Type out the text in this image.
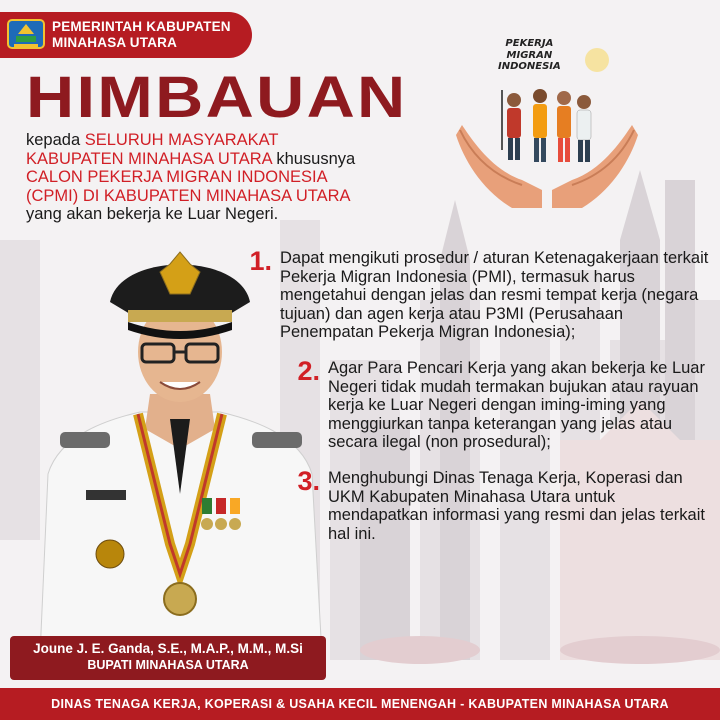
PEMERINTAH KABUPATEN
MINAHASA UTARA
HIMBAUAN
kepada SELURUH MASYARAKAT KABUPATEN MINAHASA UTARA khususnya CALON PEKERJA MIGRAN INDONESIA (CPMI) DI KABUPATEN MINAHASA UTARA yang akan bekerja ke Luar Negeri.
PEKERJA
MIGRAN
INDONESIA
1. Dapat mengikuti prosedur / aturan Ketenagakerjaan terkait Pekerja Migran Indonesia (PMI), termasuk harus mengetahui dengan jelas dan resmi tempat kerja (negara tujuan) dan agen kerja atau P3MI (Perusahaan Penempatan Pekerja Migran Indonesia);
2. Agar Para Pencari Kerja yang akan bekerja ke Luar Negeri tidak mudah termakan bujukan atau rayuan kerja ke Luar Negeri dengan iming-iming yang menggiurkan tanpa keterangan yang jelas atau secara ilegal (non prosedural);
3. Menghubungi Dinas Tenaga Kerja, Koperasi dan UKM Kabupaten Minahasa Utara untuk mendapatkan informasi yang resmi dan jelas terkait hal ini.
Joune J. E. Ganda, S.E., M.A.P., M.M., M.Si
BUPATI MINAHASA UTARA
DINAS TENAGA KERJA, KOPERASI & USAHA KECIL MENENGAH - KABUPATEN MINAHASA UTARA
